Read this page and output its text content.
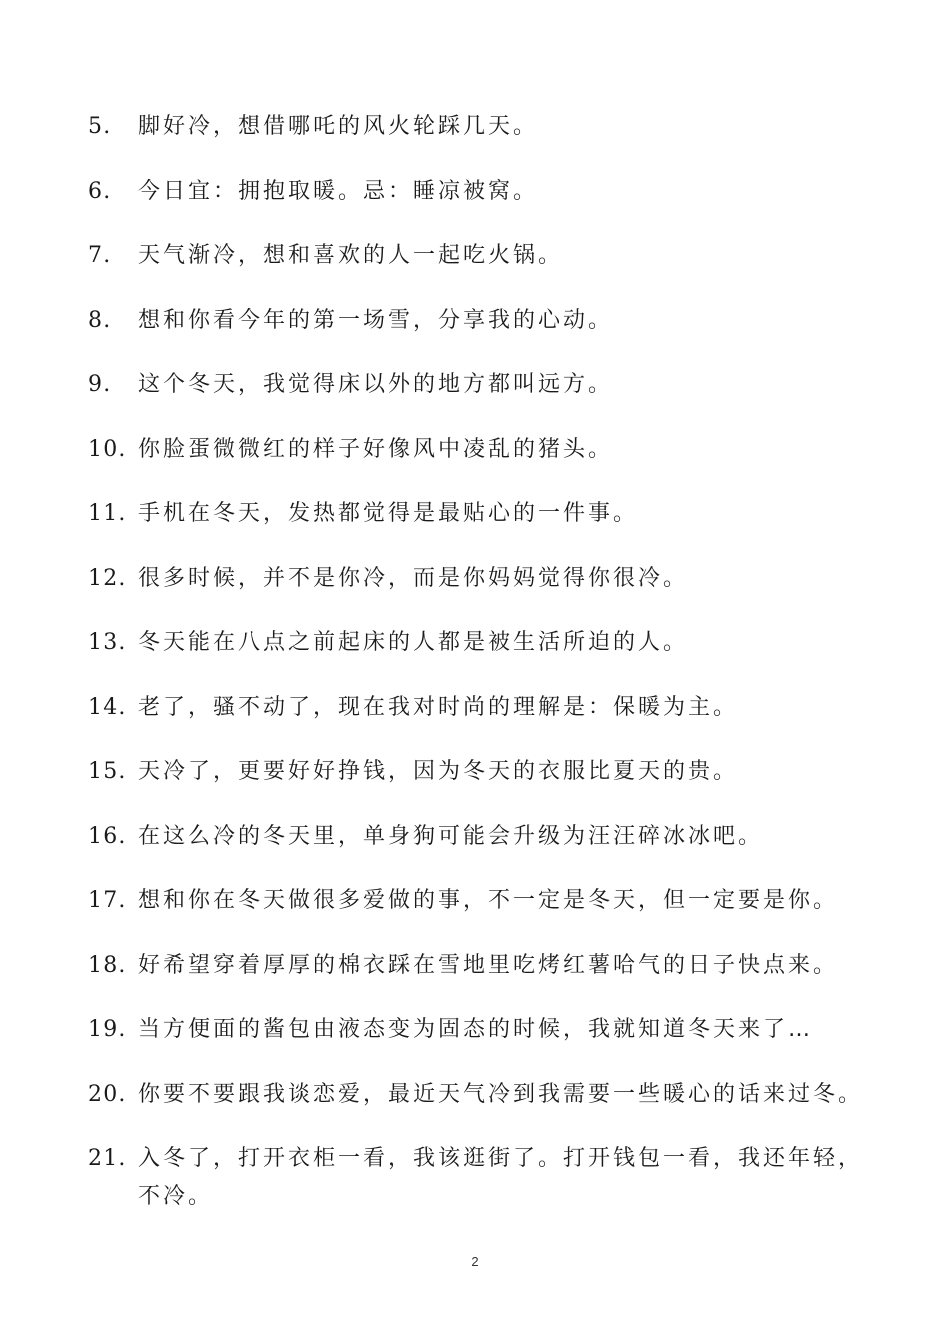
5.	脚好冷，想借哪吒的风火轮踩几天。
6.	今日宜：拥抱取暖。忌：睡凉被窝。
7.	天气渐冷，想和喜欢的人一起吃火锅。
8.	想和你看今年的第一场雪，分享我的心动。
9.	这个冬天，我觉得床以外的地方都叫远方。
10. 你脸蛋微微红的样子好像风中凌乱的猪头。
11. 手机在冬天，发热都觉得是最贴心的一件事。
12. 很多时候，并不是你冷，而是你妈妈觉得你很冷。
13. 冬天能在八点之前起床的人都是被生活所迫的人。
14. 老了，骚不动了，现在我对时尚的理解是：保暖为主。
15. 天冷了，更要好好挣钱，因为冬天的衣服比夏天的贵。
16. 在这么冷的冬天里，单身狗可能会升级为汪汪碎冰冰吧。
17. 想和你在冬天做很多爱做的事，不一定是冬天，但一定要是你。
18. 好希望穿着厚厚的棉衣踩在雪地里吃烤红薯哈气的日子快点来。
19. 当方便面的酱包由液态变为固态的时候，我就知道冬天来了…
20. 你要不要跟我谈恋爱，最近天气冷到我需要一些暖心的话来过冬。
21. 入冬了，打开衣柜一看，我该逛街了。打开钱包一看，我还年轻，不冷。
2
